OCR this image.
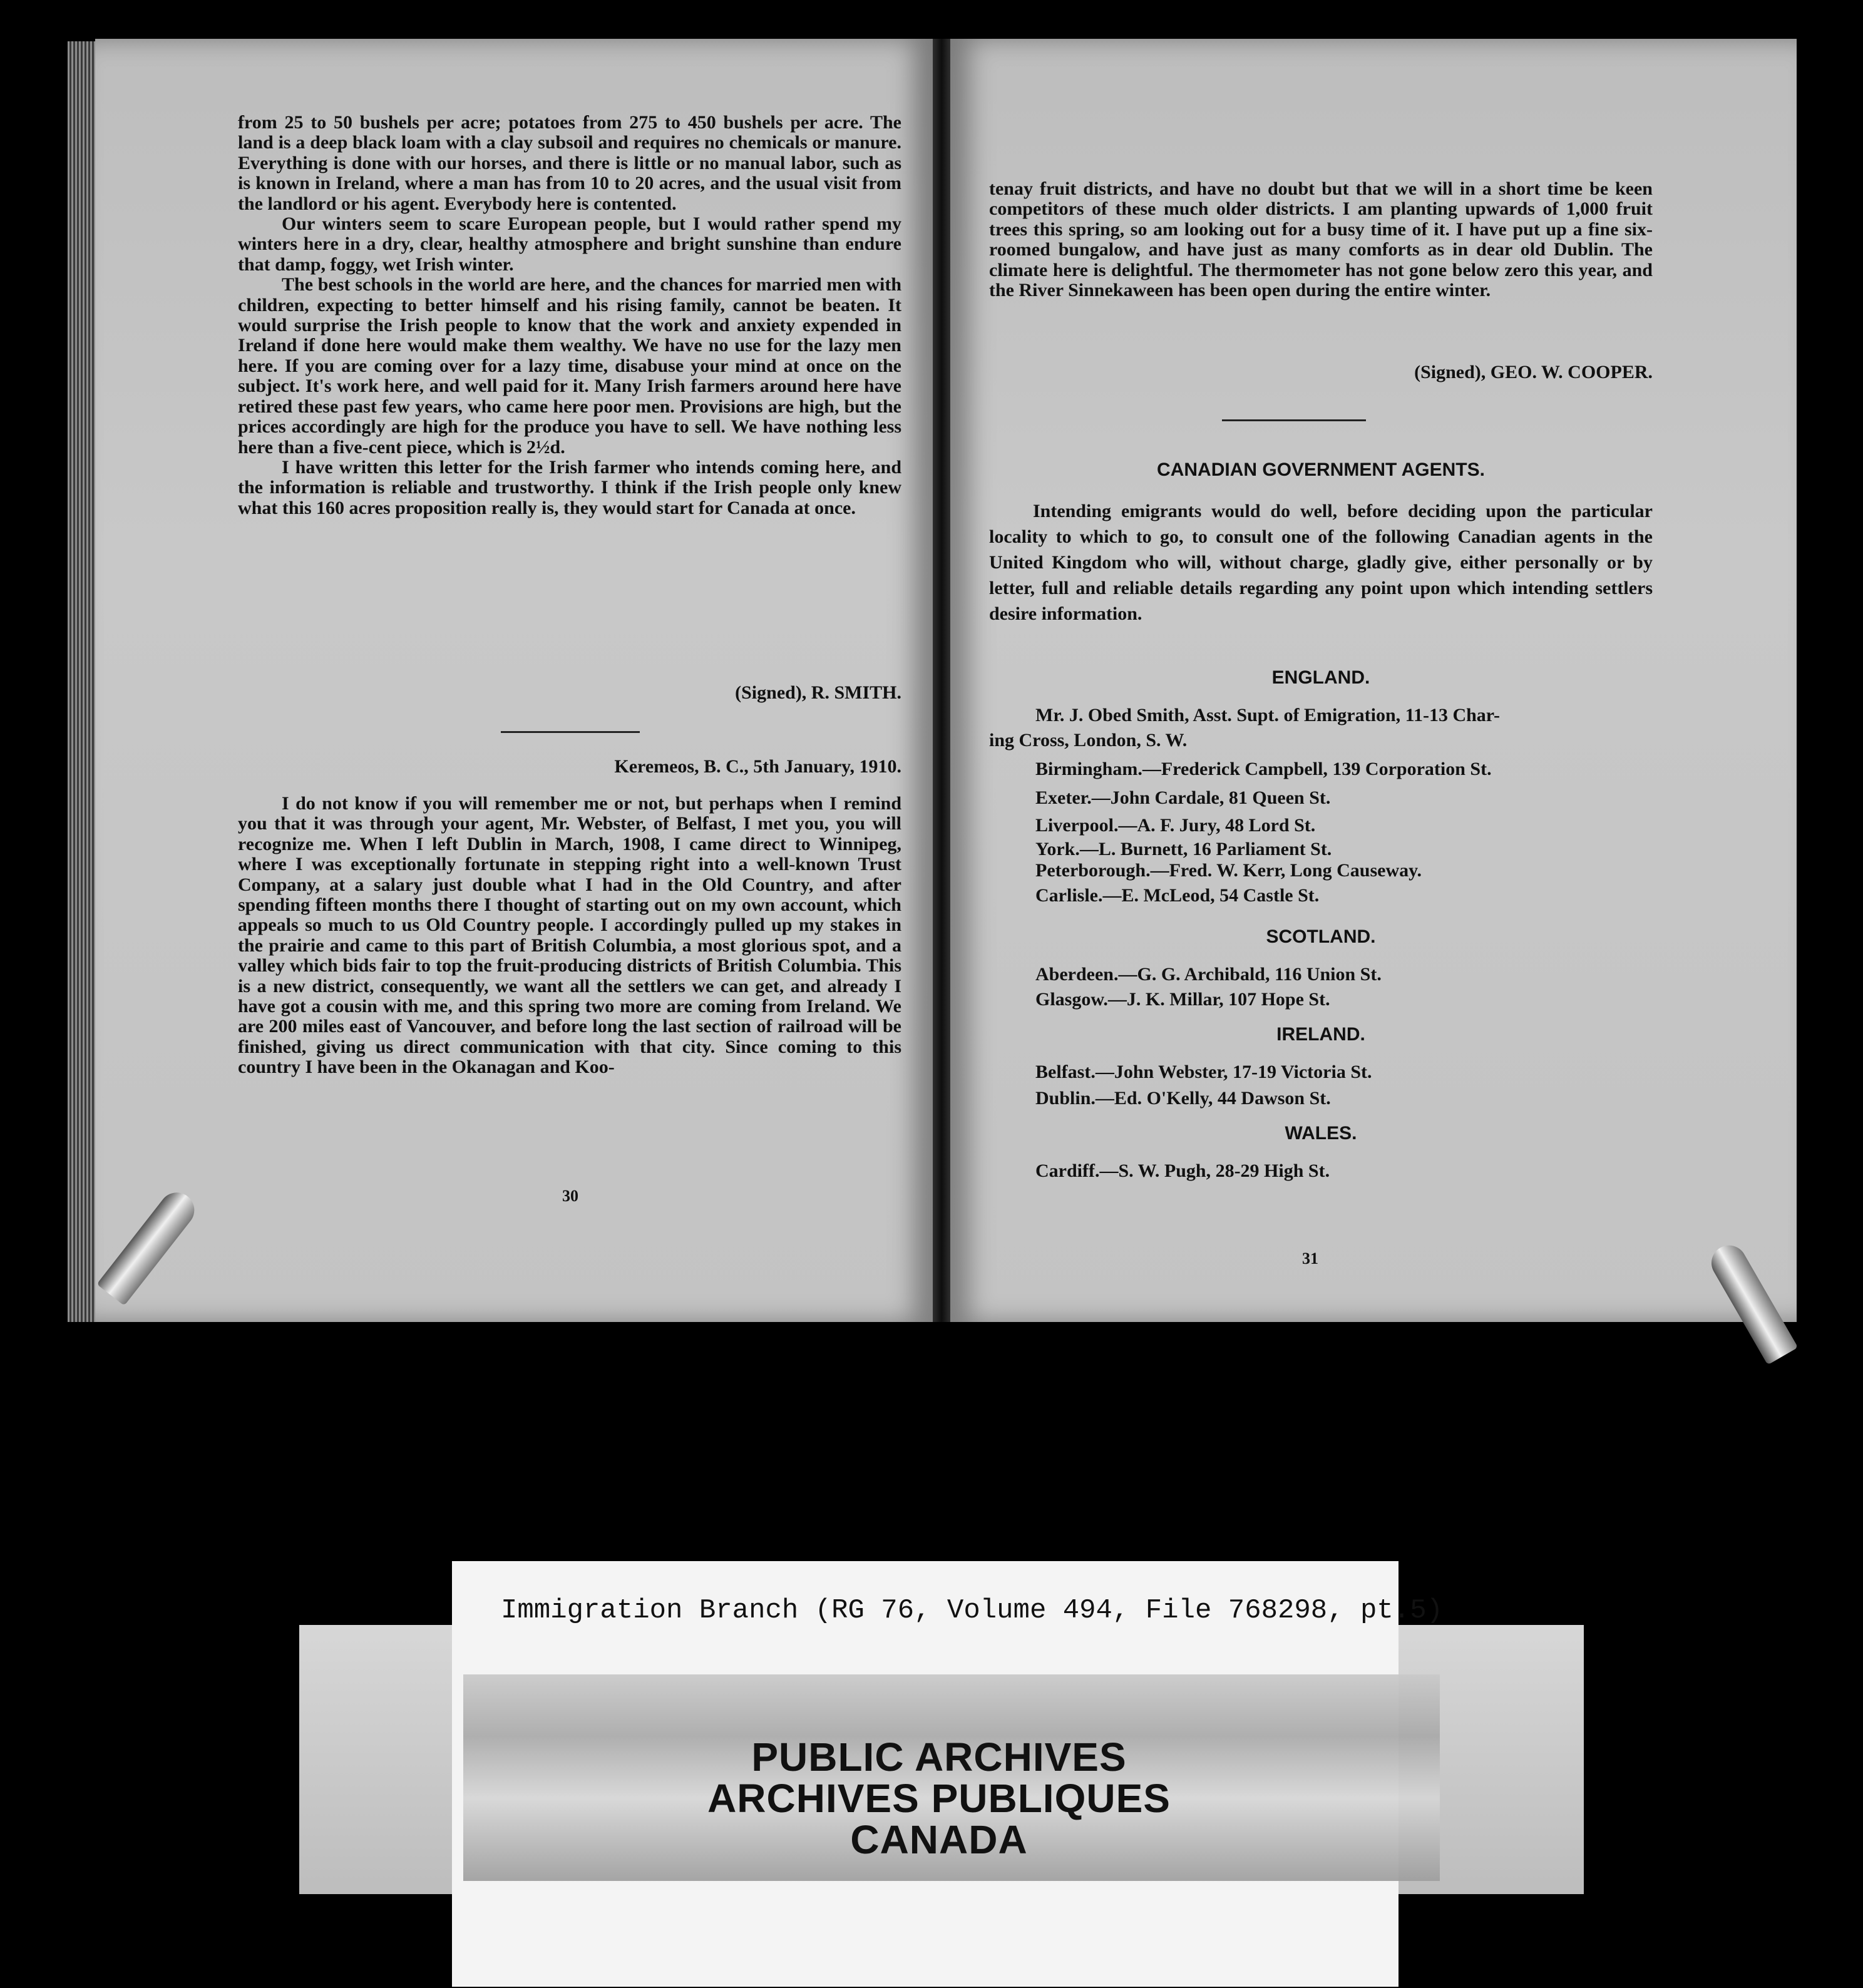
from 25 to 50 bushels per acre; potatoes from 275 to 450 bushels per acre. The land is a deep black loam with a clay subsoil and requires no chemicals or manure. Everything is done with our horses, and there is little or no manual labor, such as is known in Ireland, where a man has from 10 to 20 acres, and the usual visit from the landlord or his agent. Everybody here is contented.

Our winters seem to scare European people, but I would rather spend my winters here in a dry, clear, healthy atmosphere and bright sunshine than endure that damp, foggy, wet Irish winter.

The best schools in the world are here, and the chances for married men with children, expecting to better himself and his rising family, cannot be beaten. It would surprise the Irish people to know that the work and anxiety expended in Ireland if done here would make them wealthy. We have no use for the lazy men here. If you are coming over for a lazy time, disabuse your mind at once on the subject. It's work here, and well paid for it. Many Irish farmers around here have retired these past few years, who came here poor men. Provisions are high, but the prices accordingly are high for the produce you have to sell. We have nothing less here than a five-cent piece, which is 2½d.

I have written this letter for the Irish farmer who intends coming here, and the information is reliable and trustworthy. I think if the Irish people only knew what this 160 acres proposition really is, they would start for Canada at once.

(Signed), R. SMITH.
Keremeos, B. C., 5th January, 1910.

I do not know if you will remember me or not, but perhaps when I remind you that it was through your agent, Mr. Webster, of Belfast, I met you, you will recognize me. When I left Dublin in March, 1908, I came direct to Winnipeg, where I was exceptionally fortunate in stepping right into a well-known Trust Company, at a salary just double what I had in the Old Country, and after spending fifteen months there I thought of starting out on my own account, which appeals so much to us Old Country people. I accordingly pulled up my stakes in the prairie and came to this part of British Columbia, a most glorious spot, and a valley which bids fair to top the fruit-producing districts of British Columbia. This is a new district, consequently, we want all the settlers we can get, and already I have got a cousin with me, and this spring two more are coming from Ireland. We are 200 miles east of Vancouver, and before long the last section of railroad will be finished, giving us direct communication with that city. Since coming to this country I have been in the Okanagan and Koo-

30

tenay fruit districts, and have no doubt but that we will in a short time be keen competitors of these much older districts. I am planting upwards of 1,000 fruit trees this spring, so am looking out for a busy time of it. I have put up a fine six-roomed bungalow, and have just as many comforts as in dear old Dublin. The climate here is delightful. The thermometer has not gone below zero this year, and the River Sinnekaween has been open during the entire winter.

(Signed), GEO. W. COOPER.
CANADIAN GOVERNMENT AGENTS.

Intending emigrants would do well, before deciding upon the particular locality to which to go, to consult one of the following Canadian agents in the United Kingdom who will, without charge, gladly give, either personally or by letter, full and reliable details regarding any point upon which intending settlers desire information.

ENGLAND.
Mr. J. Obed Smith, Asst. Supt. of Emigration, 11-13 Char-
ing Cross, London, S. W.
Birmingham.—Frederick Campbell, 139 Corporation St.
Exeter.—John Cardale, 81 Queen St.
Liverpool.—A. F. Jury, 48 Lord St.
York.—L. Burnett, 16 Parliament St.
Peterborough.—Fred. W. Kerr, Long Causeway.
Carlisle.—E. McLeod, 54 Castle St.
SCOTLAND.
Aberdeen.—G. G. Archibald, 116 Union St.
Glasgow.—J. K. Millar, 107 Hope St.
IRELAND.
Belfast.—John Webster, 17-19 Victoria St.
Dublin.—Ed. O'Kelly, 44 Dawson St.
WALES.
Cardiff.—S. W. Pugh, 28-29 High St.
31
Immigration Branch (RG 76, Volume 494, File 768298, pt.5)
PUBLIC ARCHIVES
ARCHIVES PUBLIQUES
CANADA
